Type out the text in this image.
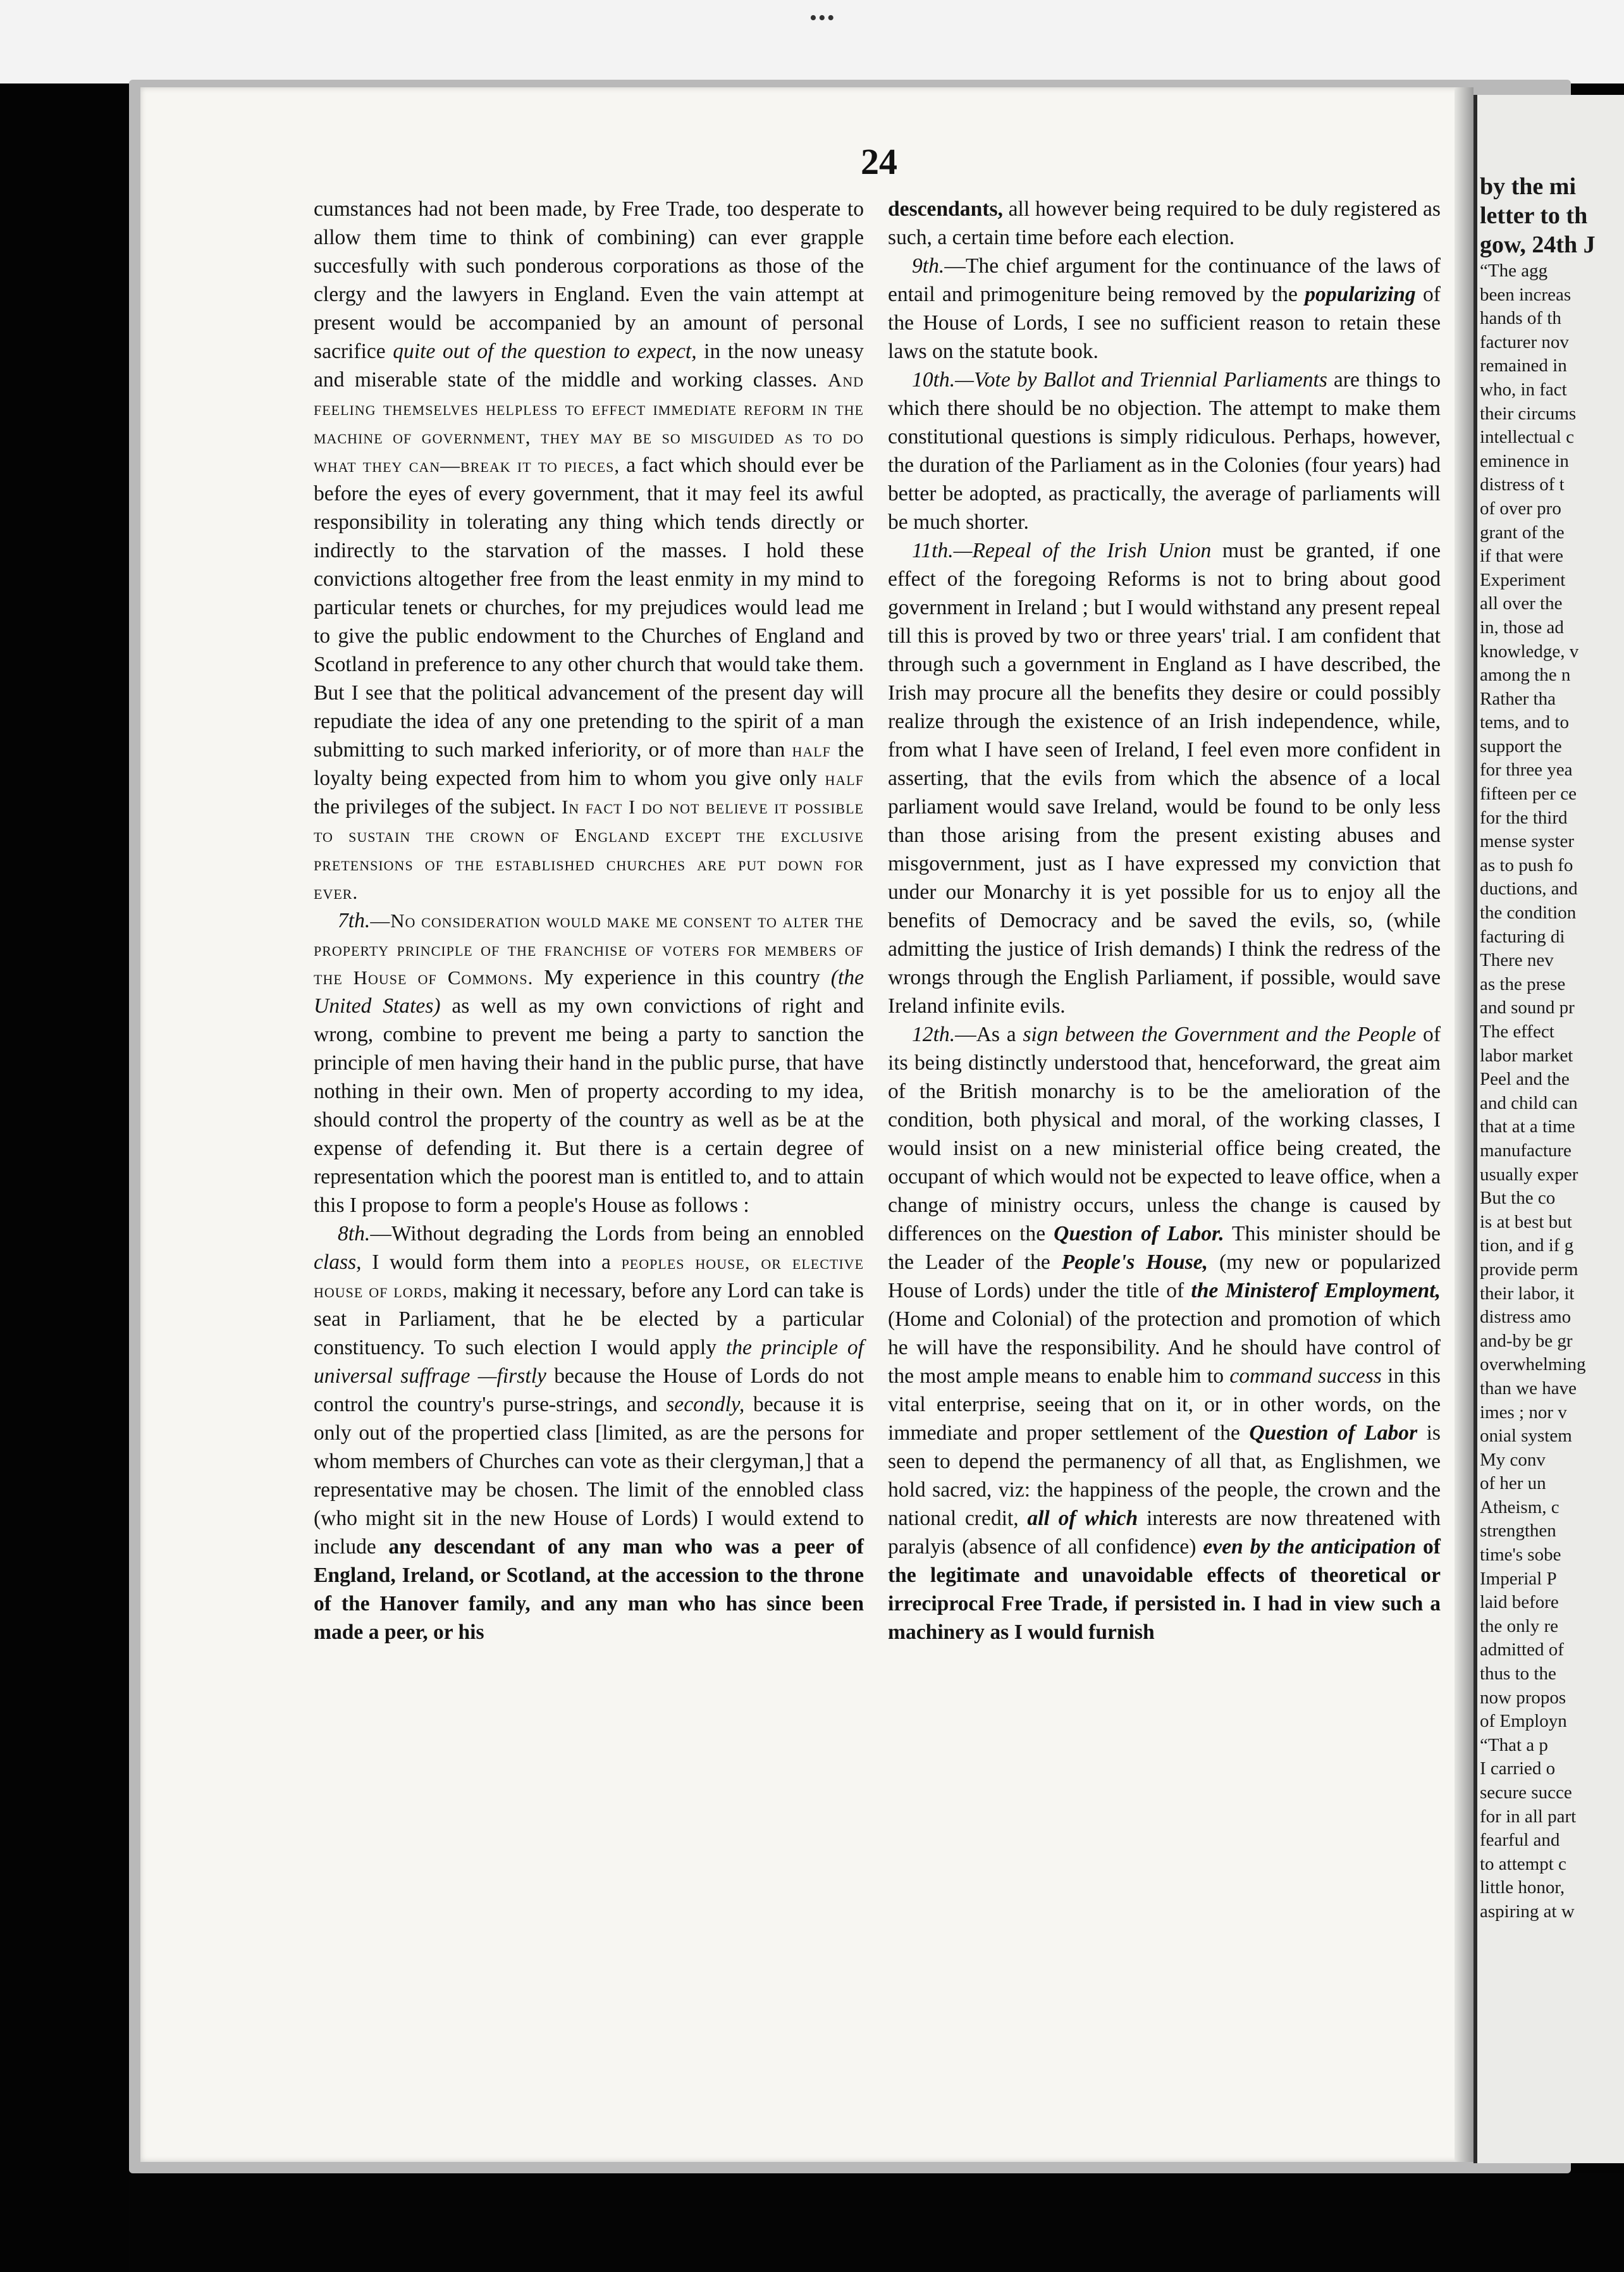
•••
24

cumstances had not been made, by Free Trade, too desperate to allow them time to think of combining) can ever grapple succesfully with such ponderous corporations as those of the clergy and the lawyers in England. Even the vain attempt at present would be accompanied by an amount of personal sacrifice quite out of the question to expect, in the now uneasy and miserable state of the middle and working classes. And feeling themselves helpless to effect immediate reform in the machine of government, they may be so misguided as to do what they can—break it to pieces, a fact which should ever be before the eyes of every government, that it may feel its awful responsibility in tolerating any thing which tends directly or indirectly to the starvation of the masses. I hold these convictions altogether free from the least enmity in my mind to particular tenets or churches, for my prejudices would lead me to give the public endowment to the Churches of England and Scotland in preference to any other church that would take them. But I see that the political advancement of the present day will repudiate the idea of any one pretending to the spirit of a man submitting to such marked inferiority, or of more than half the loyalty being expected from him to whom you give only half the privileges of the subject. In fact I do not believe it possible to sustain the crown of England except the exclusive pretensions of the established churches are put down for ever.

7th.—No consideration would make me consent to alter the property principle of the franchise of voters for members of the House of Commons. My experience in this country (the United States) as well as my own convictions of right and wrong, combine to prevent me being a party to sanction the principle of men having their hand in the public purse, that have nothing in their own. Men of property according to my idea, should control the property of the country as well as be at the expense of defending it. But there is a certain degree of representation which the poorest man is entitled to, and to attain this I propose to form a people's House as follows :

8th.—Without degrading the Lords from being an ennobled class, I would form them into a peoples house, or elective house of lords, making it necessary, before any Lord can take is seat in Parliament, that he be elected by a particular constituency. To such election I would apply the principle of universal suffrage —firstly because the House of Lords do not control the country's purse-strings, and secondly, because it is only out of the propertied class [limited, as are the persons for whom members of Churches can vote as their clergyman,] that a representative may be chosen. The limit of the ennobled class (who might sit in the new House of Lords) I would extend to include any descendant of any man who was a peer of England, Ireland, or Scotland, at the accession to the throne of the Hanover family, and any man who has since been made a peer, or his

descendants, all however being required to be duly registered as such, a certain time before each election.

9th.—The chief argument for the continuance of the laws of entail and primogeniture being removed by the popularizing of the House of Lords, I see no sufficient reason to retain these laws on the statute book.

10th.—Vote by Ballot and Triennial Parliaments are things to which there should be no objection. The attempt to make them constitutional questions is simply ridiculous. Perhaps, however, the duration of the Parliament as in the Colonies (four years) had better be adopted, as practically, the average of parliaments will be much shorter.

11th.—Repeal of the Irish Union must be granted, if one effect of the foregoing Reforms is not to bring about good government in Ireland ; but I would withstand any present repeal till this is proved by two or three years' trial. I am confident that through such a government in England as I have described, the Irish may procure all the benefits they desire or could possibly realize through the existence of an Irish independence, while, from what I have seen of Ireland, I feel even more confident in asserting, that the evils from which the absence of a local parliament would save Ireland, would be found to be only less than those arising from the present existing abuses and misgovernment, just as I have expressed my conviction that under our Monarchy it is yet possible for us to enjoy all the benefits of Democracy and be saved the evils, so, (while admitting the justice of Irish demands) I think the redress of the wrongs through the English Parliament, if possible, would save Ireland infinite evils.

12th.—As a sign between the Government and the People of its being distinctly understood that, henceforward, the great aim of the British monarchy is to be the amelioration of the condition, both physical and moral, of the working classes, I would insist on a new ministerial office being created, the occupant of which would not be expected to leave office, when a change of ministry occurs, unless the change is caused by differences on the Question of Labor. This minister should be the Leader of the People's House, (my new or popularized House of Lords) under the title of the Ministerof Employment, (Home and Colonial) of the protection and promotion of which he will have the responsibility. And he should have control of the most ample means to enable him to command success in this vital enterprise, seeing that on it, or in other words, on the immediate and proper settlement of the Question of Labor is seen to depend the permanency of all that, as Englishmen, we hold sacred, viz: the happiness of the people, the crown and the national credit, all of which interests are now threatened with paralyis (absence of all confidence) even by the anticipation of the legitimate and unavoidable effects of theoretical or irreciprocal Free Trade, if persisted in. I had in view such a machinery as I would furnish

by the mi
letter to th
gow, 24th J
“The agg
been increas
hands of th
facturer nov
remained in
who, in fact
their circums
intellectual c
eminence in
distress of t
of over pro
grant of the
if that were
Experiment
all over the
in, those ad
knowledge, v
among the n
Rather tha
tems, and to
support the
for three yea
fifteen per ce
for the third
mense syster
as to push fo
ductions, and
the condition
facturing di
There nev
as the prese
and sound pr
The effect
labor market
Peel and the
and child can
that at a time
manufacture
usually exper
But the co
is at best but
tion, and if g
provide perm
their labor, it
distress amo
and-by be gr
overwhelming
than we have
imes ; nor v
onial system
My conv
of her un
Atheism, c
strengthen
time's sobe
Imperial P
laid before
the only re
admitted of
thus to the
now propos
of Employn
“That a p
I carried o
secure succe
for in all part
fearful and
to attempt c
little honor,
aspiring at w
